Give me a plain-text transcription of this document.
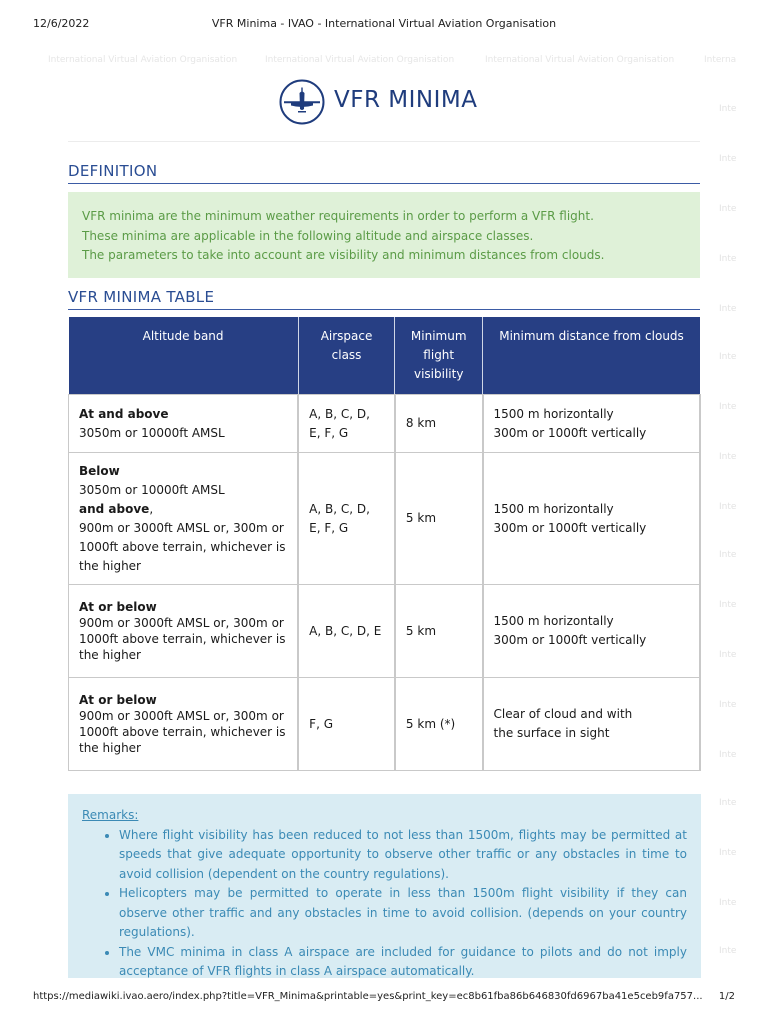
12/6/2022	VFR Minima - IVAO - International Virtual Aviation Organisation
International Virtual Aviation Organisation	International Virtual Aviation Organisation	International Virtual Aviation Organisation	Interna
Inte
Inte
Inte
Inte
Inte
Inte
Inte
Inte
Inte
Inte
Inte
Inte
Inte
Inte
Inte
Inte
Inte
Inte
VFR MINIMA
DEFINITION
VFR minima are the minimum weather requirements in order to perform a VFR flight.
These minima are applicable in the following altitude and airspace classes.
The parameters to take into account are visibility and minimum distances from clouds.
VFR MINIMA TABLE
Altitude band	Airspace class	Minimum flight visibility	Minimum distance from clouds
At and above
3050m or 10000ft AMSL	A, B, C, D, E, F, G	8 km	1500 m horizontally
300m or 1000ft vertically
Below
3050m or 10000ft AMSL
and above,
900m or 3000ft AMSL or, 300m or 1000ft above terrain, whichever is the higher	A, B, C, D, E, F, G	5 km	1500 m horizontally
300m or 1000ft vertically
At or below
900m or 3000ft AMSL or, 300m or 1000ft above terrain, whichever is the higher	A, B, C, D, E	5 km	1500 m horizontally
300m or 1000ft vertically
At or below
900m or 3000ft AMSL or, 300m or 1000ft above terrain, whichever is the higher	F, G	5 km (*)	Clear of cloud and with
the surface in sight
Remarks:
• Where flight visibility has been reduced to not less than 1500m, flights may be permitted at speeds that give adequate opportunity to observe other traffic or any obstacles in time to avoid collision (dependent on the country regulations).
• Helicopters may be permitted to operate in less than 1500m flight visibility if they can observe other traffic and any obstacles in time to avoid collision. (depends on your country regulations).
• The VMC minima in class A airspace are included for guidance to pilots and do not imply acceptance of VFR flights in class A airspace automatically.
https://mediawiki.ivao.aero/index.php?title=VFR_Minima&printable=yes&print_key=ec8b61fba86b646830fd6967ba41e5ceb9fa757... 1/2
